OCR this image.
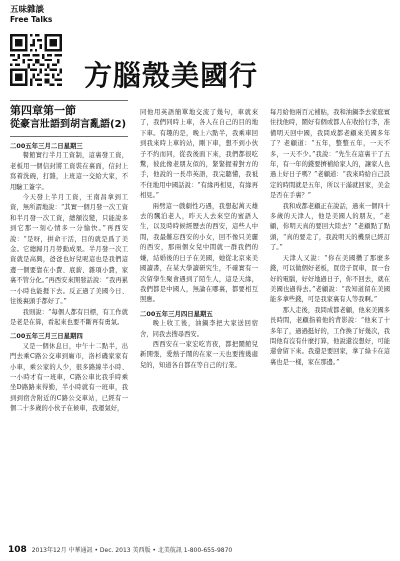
五味雜談
Free Talks
方腦殼美國行
第四章第一節
從豪言壯語到胡言亂語(2)

二00五年三月二日星期三

餐館實行半月工資制，這裏發工資，老板用一個信封將工資裝在裏面，信封上寫着洗碗，打雜，上班這一交給大家，不用驗工簽字。

今天發上半月工資，王南昌拿到工資，無所謂地說：“其實一個月發一次工資和半月發一次工資，總額沒變，只能說多到它那一刻心情多一分愉快。”再西安說：“是呀，拼命干活，目的就是爲了美金。它總歸月月勞動成果。半月發一次工資就是高興，爸爸也好兒呢這也是我們這邊一個要靠在小費、底薪、雜項小費，家裏不管分化。”再西安來開發話說：“我再累一小時也能捱下去。反正過了美國今日、往後裏頭手都好了。”

我則說：“每個人都有目標，有工作就是老是在算，看起來也要不斷再有勇氣。

二00五年三月三日星期四

又是一個休息日，中午十二點半，出門去乘C路公交車到廟市，洛杉磯家家有小車，乘公家的人少，很多路線半小時、一小時才有一班車，C路公車比我乎時乘坐D路路來得勤，半小時就有一班車，我到到宿舍附近的C路公交車站，已經有一個二十多歲的小伙子在候車，我運氣好，

同他用英語簡單地交流了幾句，車就來了，我們同時上車，各人在自己的目的地下車。有趣的是，晚上六點半，我乘車回到我來時上車的站，剛下車，想不到小伙子不約而同，從我後面下來，我們都很吃驚，彼此像老朋友似的，緊緊握着對方的手，他說的一長串英語，我完聽懂，我祗不住地用中國話說：“有緣再相見，有緣再相見。”

兩劈這一戲劇性巧遇，我想起萬天雄去的飄泊老人，昨天人去來空的蜜語人生，以及時時候經歷去的西安，這些人中間，我最難忘西安的小女，回不像只美麗的西安，那兩個女兒中間就一群我們的嫌，結婚後的日子在美國，她從北京來美國讀書，在某大學讀研究生，不確實有一次留學生聚會遇到了陌生人，這是天緣，我們都是中國人，無論在哪裏，都要相互照應。

二00五年三月四日星期五

晚上收工後，油鍋李把大家送回宿舍，同我去搜尋西安。

西西安在一家宏吃宵夜，都把鬧館兒新開張，愛熱子鬧的在家一天也要搜幾處兒的，知道各自都在等自己的行業。

每月給他兩百元補貼，我和油鍋李去家庭賓住找他時，鬧好有個或都人在收拾行李，准備明天回中國，我問成都老顧來美國多年了？老顧道：“五年，整整五年，一天不多，一天不少。”我說：“先生在這裏干了五年，有一年的錢要擠補給家人的，讓家人也過上好日子嗎？”老顧道：“我來時給自己設定的時間就是五年，所以干滿就回家，美金是否在手裏？”

我和成都老顧正在說話，過來一個四十多歲的天津人，他是美國人的朋友，“老顧，你明天真的要回大陸去？”老顧點了點頭，“真的要走了，我說明天的機票已經訂了。”

天津人又說：“你在美國攢了那麼多錢，可以做個好老板，買房子買車，買一台好的電腦，好好地過日子，你不回去，就在美國也過得去。”老顧說：“我知道留在美國能多拿些錢，可是我家裏有人等我啊。”

那人走後，我問成都老顧，他來美國多長時間，老顧指着他的背影說：“他來了十多年了，過過挺好的，工作換了好幾次，我問他有沒有什麼打算，他說還沒想好，可能還會留下來。我還是要回家，拿了綠卡在這裏也是一樣，家在那邊。”

108 2013年12月 中華通訊 • Dec. 2013 美西版 • 北美航訊 1-800-655-9870
